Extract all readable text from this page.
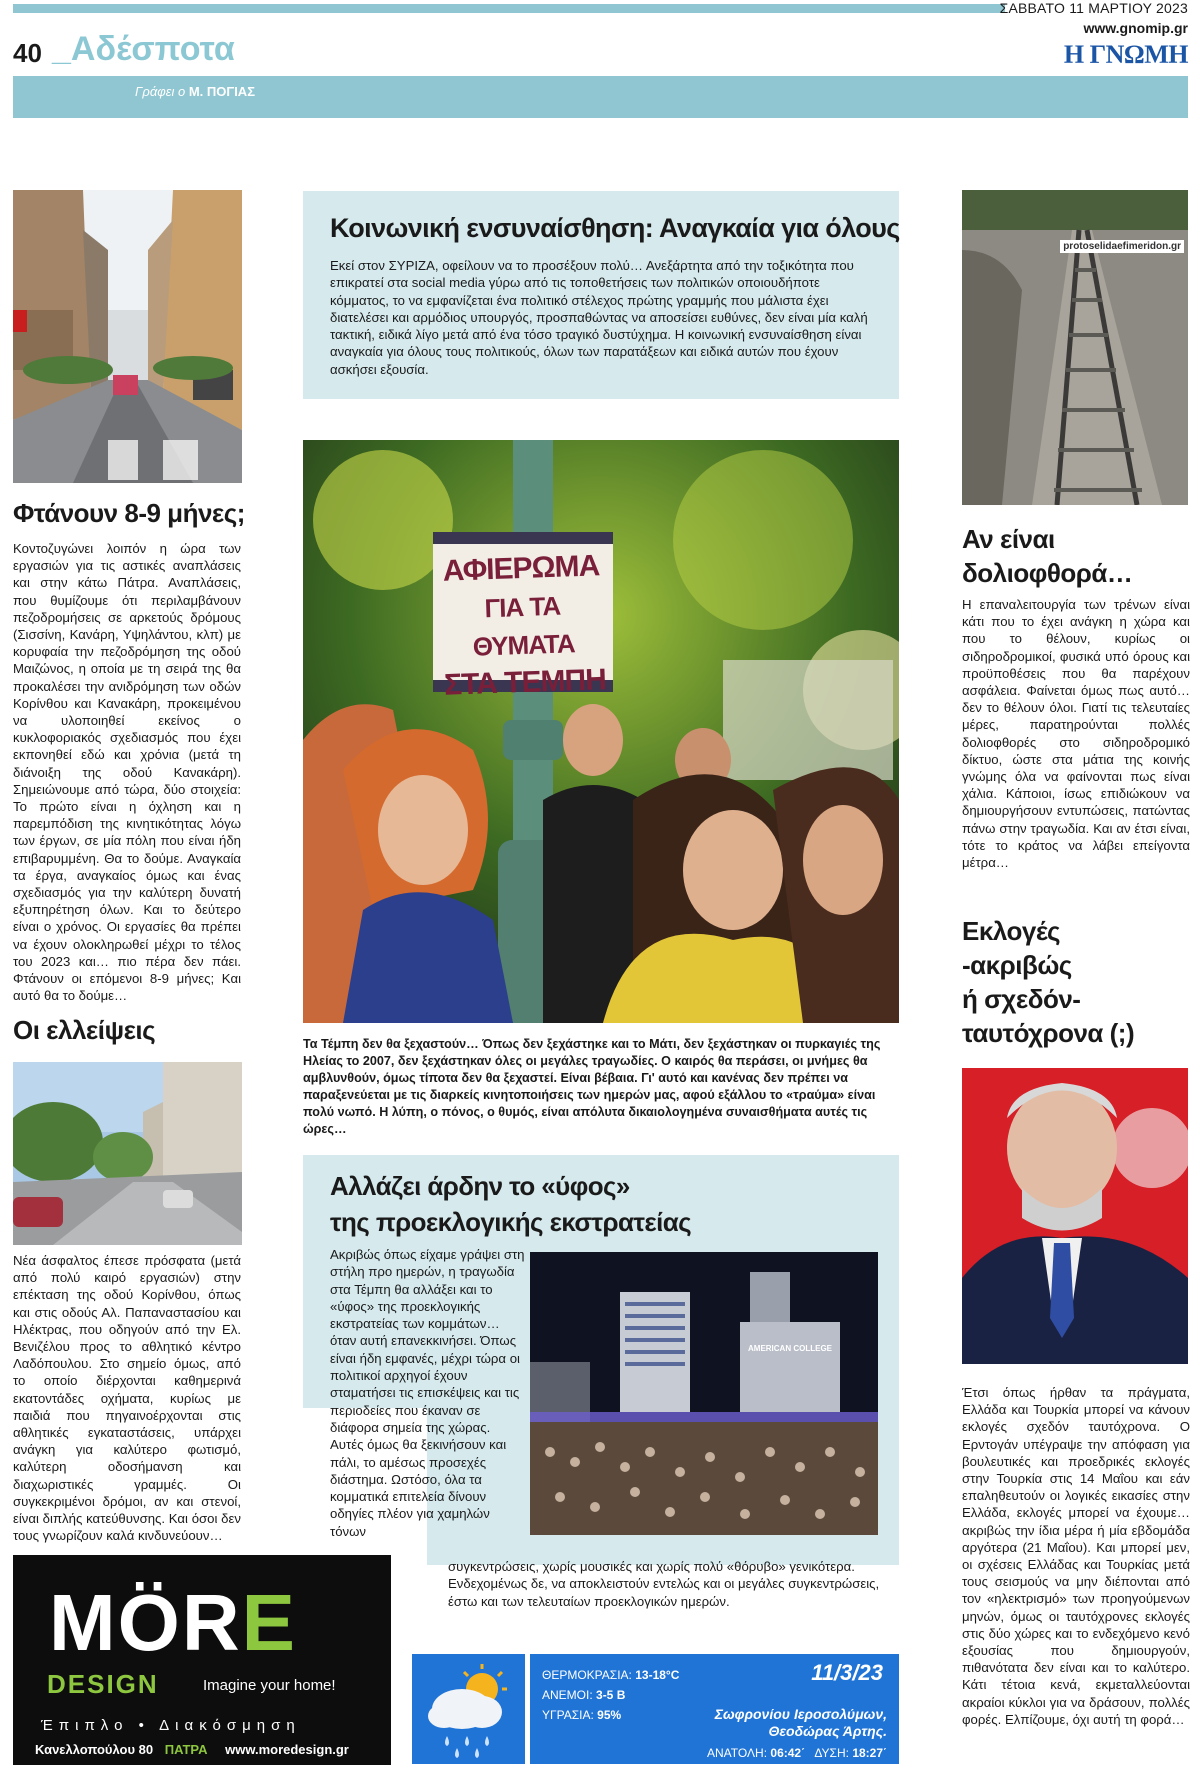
ΣΑΒΒΑΤΟ 11 ΜΑΡΤΙΟΥ 2023
www.gnomip.gr
Η ΓΝΩΜΗ
40 _Αδέσποτα
Γράφει ο Μ. ΠΟΓΙΑΣ
Φτάνουν 8-9 μήνες;
Κοντοζυγώνει λοιπόν η ώρα των εργασιών για τις αστικές αναπλάσεις και στην κάτω Πάτρα. Αναπλάσεις, που θυμίζουμε ότι περιλαμβάνουν πεζοδρομήσεις σε αρκετούς δρόμους (Σισσίνη, Κανάρη, Υψηλάντου, κλπ) με κορυφαία την πεζοδρόμηση της οδού Μαιζώνος, η οποία με τη σειρά της θα προκαλέσει την ανιδρόμηση των οδών Κορίνθου και Κανακάρη, προκειμένου να υλοποιηθεί εκείνος ο κυκλοφοριακός σχεδιασμός που έχει εκπονηθεί εδώ και χρόνια (μετά τη διάνοιξη της οδού Κανακάρη). Σημειώνουμε από τώρα, δύο στοιχεία: Το πρώτο είναι η όχληση και η παρεμπόδιση της κινητικότητας λόγω των έργων, σε μία πόλη που είναι ήδη επιβαρυμμένη. Θα το δούμε. Αναγκαία τα έργα, αναγκαίος όμως και ένας σχεδιασμός για την καλύτερη δυνατή εξυπηρέτηση όλων. Και το δεύτερο είναι ο χρόνος. Οι εργασίες θα πρέπει να έχουν ολοκληρωθεί μέχρι το τέλος του 2023 και… πιο πέρα δεν πάει. Φτάνουν οι επόμενοι 8-9 μήνες; Και αυτό θα το δούμε…
Οι ελλείψεις
Νέα άσφαλτος έπεσε πρόσφατα (μετά από πολύ καιρό εργασιών) στην επέκταση της οδού Κορίνθου, όπως και στις οδούς Αλ. Παπαναστασίου και Ηλέκτρας, που οδηγούν από την Ελ. Βενιζέλου προς το αθλητικό κέντρο Λαδόπουλου. Στο σημείο όμως, από το οποίο διέρχονται καθημερινά εκατοντάδες οχήματα, κυρίως με παιδιά που πηγαινοέρχονται στις αθλητικές εγκαταστάσεις, υπάρχει ανάγκη για καλύτερο φωτισμό, καλύτερη οδοσήμανση και διαχωριστικές γραμμές. Οι συγκεκριμένοι δρόμοι, αν και στενοί, είναι διπλής κατεύθυνσης. Και όσοι δεν τους γνωρίζουν καλά κινδυνεύουν…
MÖRE
DESIGN	Imagine your home!
Έπιπλο • Διακόσμηση
Κανελλοπούλου 80 ΠΑΤΡΑ www.moredesign.gr
Κοινωνική ενσυναίσθηση: Αναγκαία για όλους
Εκεί στον ΣΥΡΙΖΑ, οφείλουν να το προσέξουν πολύ… Ανεξάρτητα από την τοξικότητα που επικρατεί στα social media γύρω από τις τοποθετήσεις των πολιτικών οποιουδήποτε κόμματος, το να εμφανίζεται ένα πολιτικό στέλεχος πρώτης γραμμής που μάλιστα έχει διατελέσει και αρμόδιος υπουργός, προσπαθώντας να αποσείσει ευθύνες, δεν είναι μία καλή τακτική, ειδικά λίγο μετά από ένα τόσο τραγικό δυστύχημα. Η κοινωνική ενσυναίσθηση είναι αναγκαία για όλους τους πολιτικούς, όλων των παρατάξεων και ειδικά αυτών που έχουν ασκήσει εξουσία.
ΑΦΙΕΡΩΜΑ
ΓΙΑ ΤΑ ΘΥΜΑΤΑ
ΣΤΑ ΤΕΜΠΗ
Τα Τέμπη δεν θα ξεχαστούν… Όπως δεν ξεχάστηκε και το Μάτι, δεν ξεχάστηκαν οι πυρκαγιές της Ηλείας το 2007, δεν ξεχάστηκαν όλες οι μεγάλες τραγωδίες. Ο καιρός θα περάσει, οι μνήμες θα αμβλυνθούν, όμως τίποτα δεν θα ξεχαστεί. Είναι βέβαια. Γι' αυτό και κανένας δεν πρέπει να παραξενεύεται με τις διαρκείς κινητοποιήσεις των ημερών μας, αφού εξάλλου το «τραύμα» είναι πολύ νωπό. Η λύπη, ο πόνος, ο θυμός, είναι απόλυτα δικαιολογημένα συναισθήματα αυτές τις ώρες…
Αλλάζει άρδην το «ύφος»
της προεκλογικής εκστρατείας
Ακριβώς όπως είχαμε γράψει στη στήλη προ ημερών, η τραγωδία στα Τέμπη θα αλλάξει και το «ύφος» της προεκλογικής εκστρατείας των κομμάτων… όταν αυτή επανεκκινήσει. Όπως είναι ήδη εμφανές, μέχρι τώρα οι πολιτικοί αρχηγοί έχουν σταματήσει τις επισκέψεις και τις περιοδείες που έκαναν σε διάφορα σημεία της χώρας. Αυτές όμως θα ξεκινήσουν και πάλι, το αμέσως προσεχές διάστημα. Ωστόσο, όλα τα κομματικά επιτελεία δίνουν οδηγίες πλέον για χαμηλών τόνων
AMERICAN COLLEGE
συγκεντρώσεις, χωρίς μουσικές και χωρίς πολύ «θόρυβο» γενικότερα. Ενδεχομένως δε, να αποκλειστούν εντελώς και οι μεγάλες συγκεντρώσεις, έστω και των τελευταίων προεκλογικών ημερών.
ΘΕΡΜΟΚΡΑΣΙΑ: 13-18°C
ΑΝΕΜΟΙ: 3-5 Β
ΥΓΡΑΣΙΑ: 95%
11/3/23
Σωφρονίου Ιεροσολύμων,
Θεοδώρας Άρτης.
ΑΝΑΤΟΛΗ: 06:42΄ ΔΥΣΗ: 18:27΄
protoselidaefimeridon.gr
Αν είναι
δολιοφθορά…
Η επαναλειτουργία των τρένων είναι κάτι που το έχει ανάγκη η χώρα και που το θέλουν, κυρίως οι σιδηροδρομικοί, φυσικά υπό όρους και προϋποθέσεις που θα παρέχουν ασφάλεια. Φαίνεται όμως πως αυτό… δεν το θέλουν όλοι. Γιατί τις τελευταίες μέρες, παρατηρούνται πολλές δολιοφθορές στο σιδηροδρομικό δίκτυο, ώστε στα μάτια της κοινής γνώμης όλα να φαίνονται πως είναι χάλια. Κάποιοι, ίσως επιδιώκουν να δημιουργήσουν εντυπώσεις, πατώντας πάνω στην τραγωδία. Και αν έτσι είναι, τότε το κράτος να λάβει επείγοντα μέτρα…
Εκλογές
-ακριβώς
ή σχεδόν-
ταυτόχρονα (;)
Έτσι όπως ήρθαν τα πράγματα, Ελλάδα και Τουρκία μπορεί να κάνουν εκλογές σχεδόν ταυτόχρονα. Ο Ερντογάν υπέγραψε την απόφαση για βουλευτικές και προεδρικές εκλογές στην Τουρκία στις 14 Μαΐου και εάν επαληθευτούν οι λογικές εικασίες στην Ελλάδα, εκλογές μπορεί να έχουμε… ακριβώς την ίδια μέρα ή μία εβδομάδα αργότερα (21 Μαΐου). Και μπορεί μεν, οι σχέσεις Ελλάδας και Τουρκίας μετά τους σεισμούς να μην διέπονται από τον «ηλεκτρισμό» των προηγούμενων μηνών, όμως οι ταυτόχρονες εκλογές στις δύο χώρες και το ενδεχόμενο κενό εξουσίας που δημιουργούν, πιθανότατα δεν είναι και το καλύτερο. Κάτι τέτοια κενά, εκμεταλλεύονται ακραίοι κύκλοι για να δράσουν, πολλές φορές. Ελπίζουμε, όχι αυτή τη φορά…
